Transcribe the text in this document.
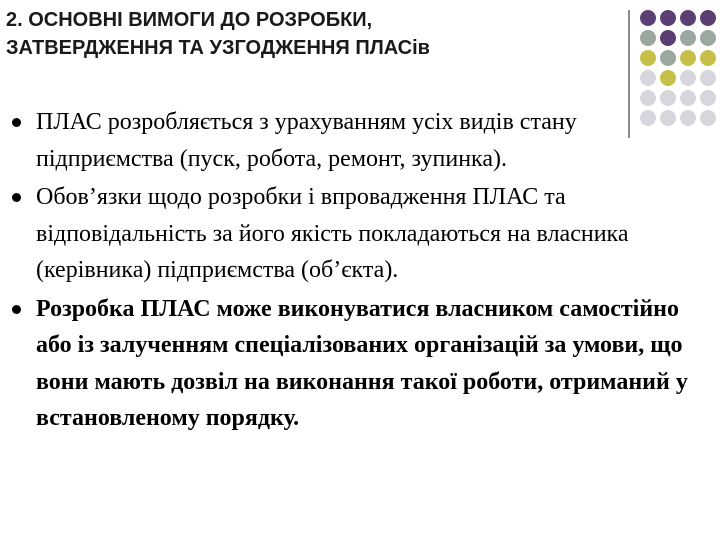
2. ОСНОВНІ ВИМОГИ ДО РОЗРОБКИ,
ЗАТВЕРДЖЕННЯ ТА УЗГОДЖЕННЯ ПЛАСів
ПЛАС розробляється з урахуванням усіх видів стану підприємства (пуск, робота, ремонт, зупинка).
Обов’язки щодо розробки і впровадження ПЛАС та відповідальність за його якість покладаються на власника (керівника) підприємства (об’єкта).
Розробка ПЛАС може виконуватися власником самостійно або із залученням спеціалізованих організацій за умови, що вони мають дозвіл на виконання такої роботи, отриманий у встановленому порядку.
